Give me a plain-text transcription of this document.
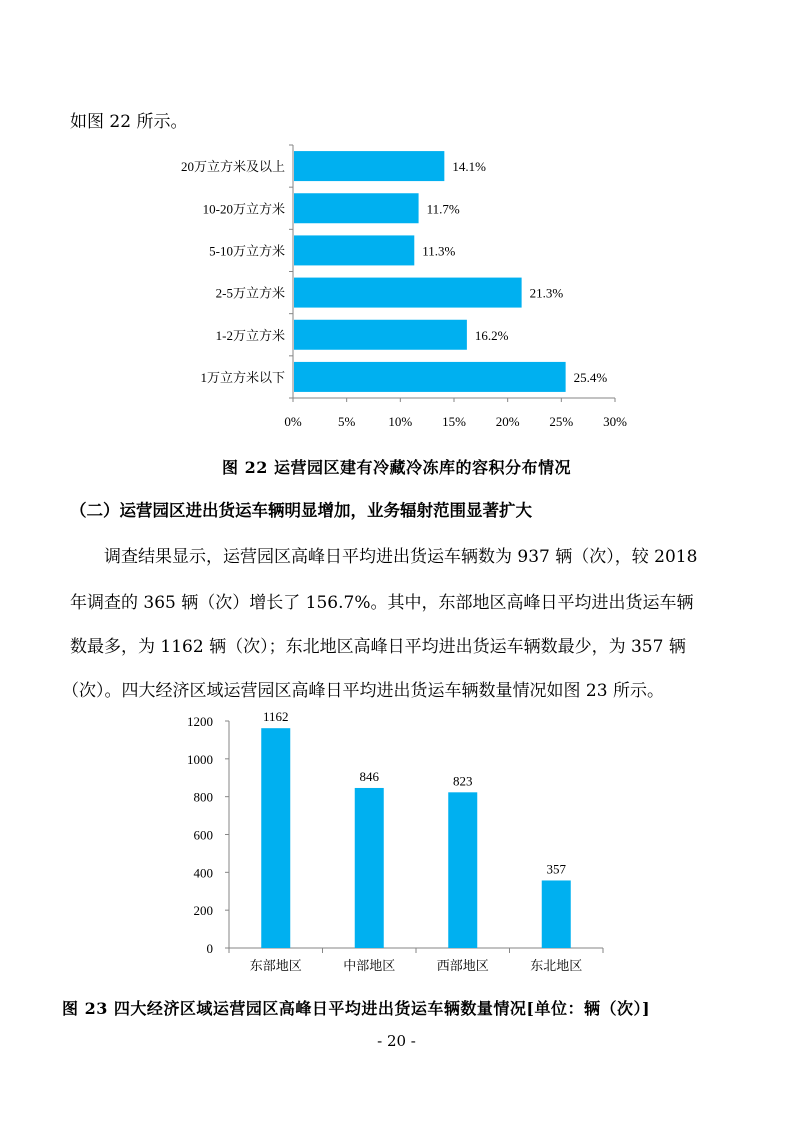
如图 22 所示。
20万立方米及以上	14.1%
10-20万立方米	11.7%
5-10万立方米	11.3%
2-5万立方米	21.3%
1-2万立方米	16.2%
1万立方米以下	25.4%
0%	5%	10% 15% 20% 25% 30%
图 22 运营园区建有冷藏冷冻库的容积分布情况
（二）运营园区进出货运车辆明显增加，业务辐射范围显著扩大
调查结果显示，运营园区高峰日平均进出货运车辆数为 937 辆（次），较 2018
年调查的 365 辆（次）增长了 156.7%。其中，东部地区高峰日平均进出货运车辆
数最多，为 1162 辆（次）；东北地区高峰日平均进出货运车辆数最少，为 357 辆
（次）。四大经济区域运营园区高峰日平均进出货运车辆数量情况如图 23 所示。
0
200
400
600
800
1000
1200	1162
东部地区
846
中部地区
823
西部地区
357
东北地区
图 23 四大经济区域运营园区高峰日平均进出货运车辆数量情况[单位：辆（次）]
- 20 -
